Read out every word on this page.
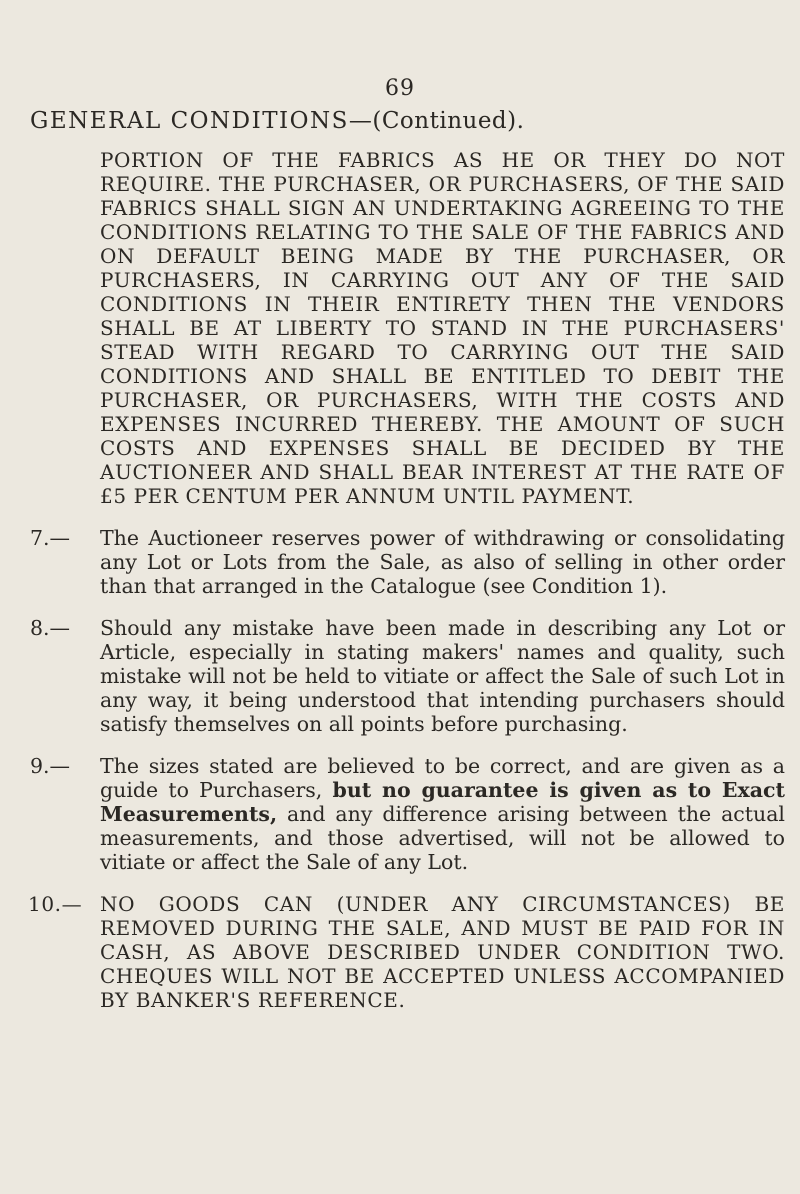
69
GENERAL CONDITIONS—(Continued).
PORTION OF THE FABRICS AS HE OR THEY DO NOT REQUIRE. THE PURCHASER, OR PURCHASERS, OF THE SAID FABRICS SHALL SIGN AN UNDERTAKING AGREEING TO THE CONDITIONS RELATING TO THE SALE OF THE FABRICS AND ON DEFAULT BEING MADE BY THE PURCHASER, OR PURCHASERS, IN CARRYING OUT ANY OF THE SAID CONDITIONS IN THEIR ENTIRETY THEN THE VENDORS SHALL BE AT LIBERTY TO STAND IN THE PURCHASERS' STEAD WITH REGARD TO CARRYING OUT THE SAID CONDITIONS AND SHALL BE ENTITLED TO DEBIT THE PURCHASER, OR PURCHASERS, WITH THE COSTS AND EXPENSES INCURRED THEREBY. THE AMOUNT OF SUCH COSTS AND EXPENSES SHALL BE DECIDED BY THE AUCTIONEER AND SHALL BEAR INTEREST AT THE RATE OF £5 PER CENTUM PER ANNUM UNTIL PAYMENT.
7.— The Auctioneer reserves power of withdrawing or consolidating any Lot or Lots from the Sale, as also of selling in other order than that arranged in the Catalogue (see Condition 1).
8.— Should any mistake have been made in describing any Lot or Article, especially in stating makers' names and quality, such mistake will not be held to vitiate or affect the Sale of such Lot in any way, it being understood that intending purchasers should satisfy themselves on all points before purchasing.
9.— The sizes stated are believed to be correct, and are given as a guide to Purchasers, but no guarantee is given as to Exact Measurements, and any difference arising between the actual measurements, and those advertised, will not be allowed to vitiate or affect the Sale of any Lot.
10.— NO GOODS CAN (UNDER ANY CIRCUMSTANCES) BE REMOVED DURING THE SALE, AND MUST BE PAID FOR IN CASH, AS ABOVE DESCRIBED UNDER CONDITION TWO. CHEQUES WILL NOT BE ACCEPTED UNLESS ACCOMPANIED BY BANKER'S REFERENCE.
